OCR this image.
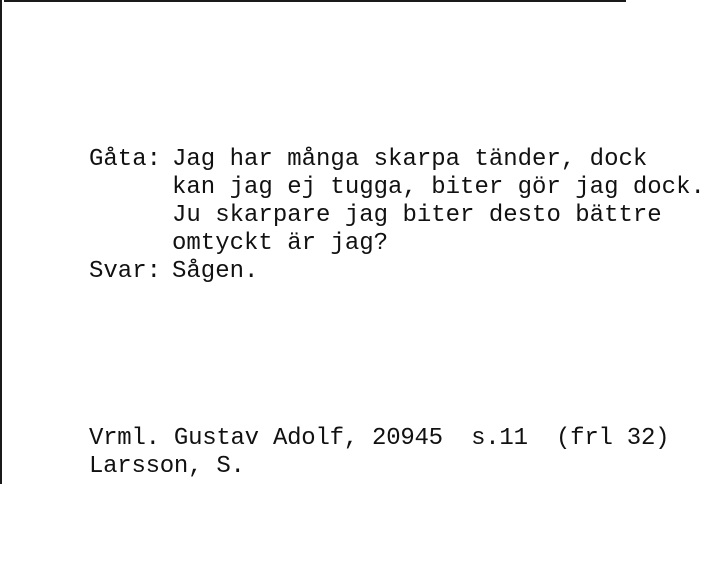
Gåta: Jag har många skarpa tänder, dock
kan jag ej tugga, biter gör jag dock.
Ju skarpare jag biter desto bättre
omtyckt är jag?
Svar: Sågen.
Vrml. Gustav Adolf, 20945  s.11  (frl 32)
Larsson, S.
